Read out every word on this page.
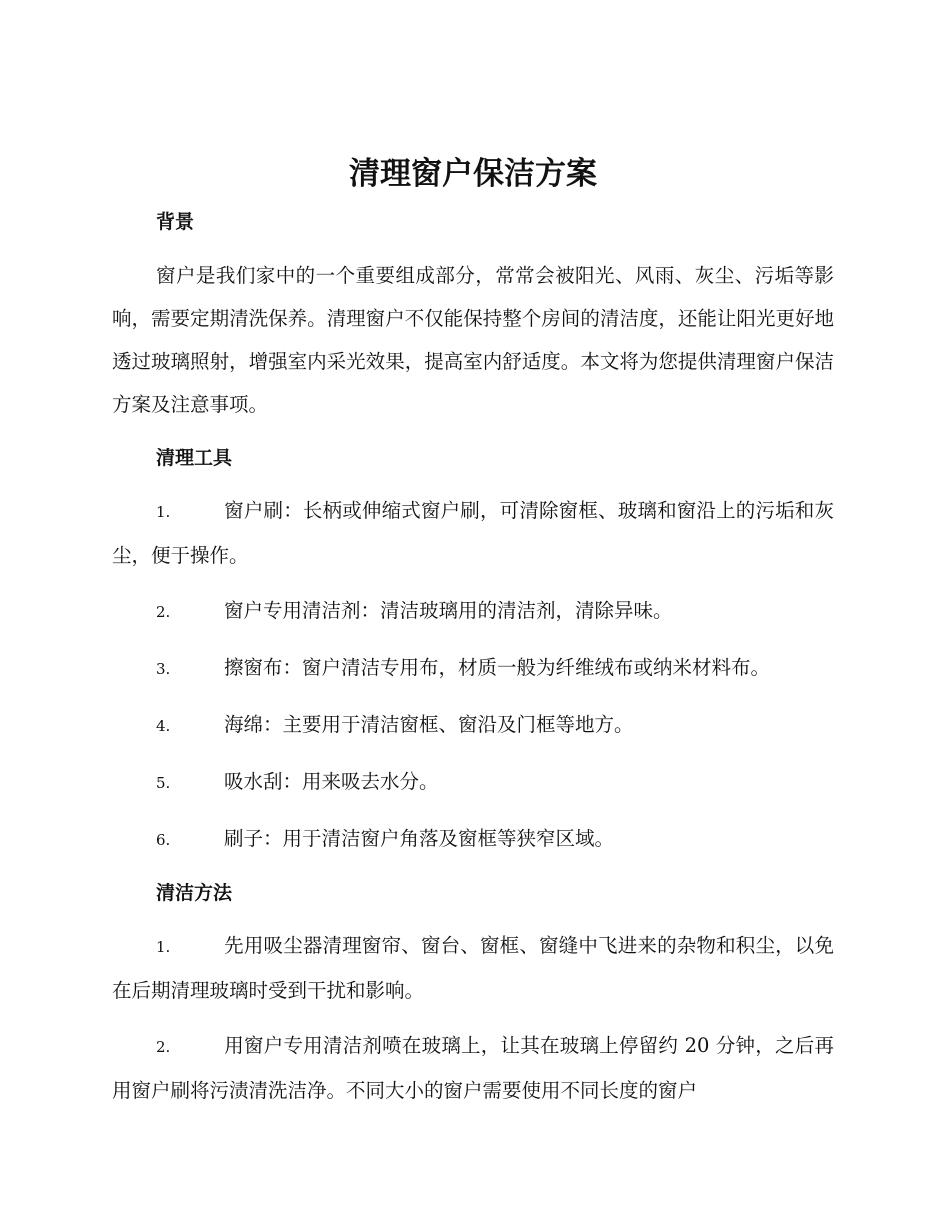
清理窗户保洁方案
背景

窗户是我们家中的一个重要组成部分，常常会被阳光、风雨、灰尘、污垢等影响，需要定期清洗保养。清理窗户不仅能保持整个房间的清洁度，还能让阳光更好地透过玻璃照射，增强室内采光效果，提高室内舒适度。本文将为您提供清理窗户保洁方案及注意事项。

清理工具

1.	窗户刷：长柄或伸缩式窗户刷，可清除窗框、玻璃和窗沿上的污垢和灰尘，便于操作。

2.	窗户专用清洁剂：清洁玻璃用的清洁剂，清除异味。

3.	擦窗布：窗户清洁专用布，材质一般为纤维绒布或纳米材料布。

4.	海绵：主要用于清洁窗框、窗沿及门框等地方。

5.	吸水刮：用来吸去水分。

6.	刷子：用于清洁窗户角落及窗框等狭窄区域。

清洁方法

1.	先用吸尘器清理窗帘、窗台、窗框、窗缝中飞进来的杂物和积尘，以免在后期清理玻璃时受到干扰和影响。

2.	用窗户专用清洁剂喷在玻璃上，让其在玻璃上停留约 20 分钟，之后再用窗户刷将污渍清洗洁净。不同大小的窗户需要使用不同长度的窗户
